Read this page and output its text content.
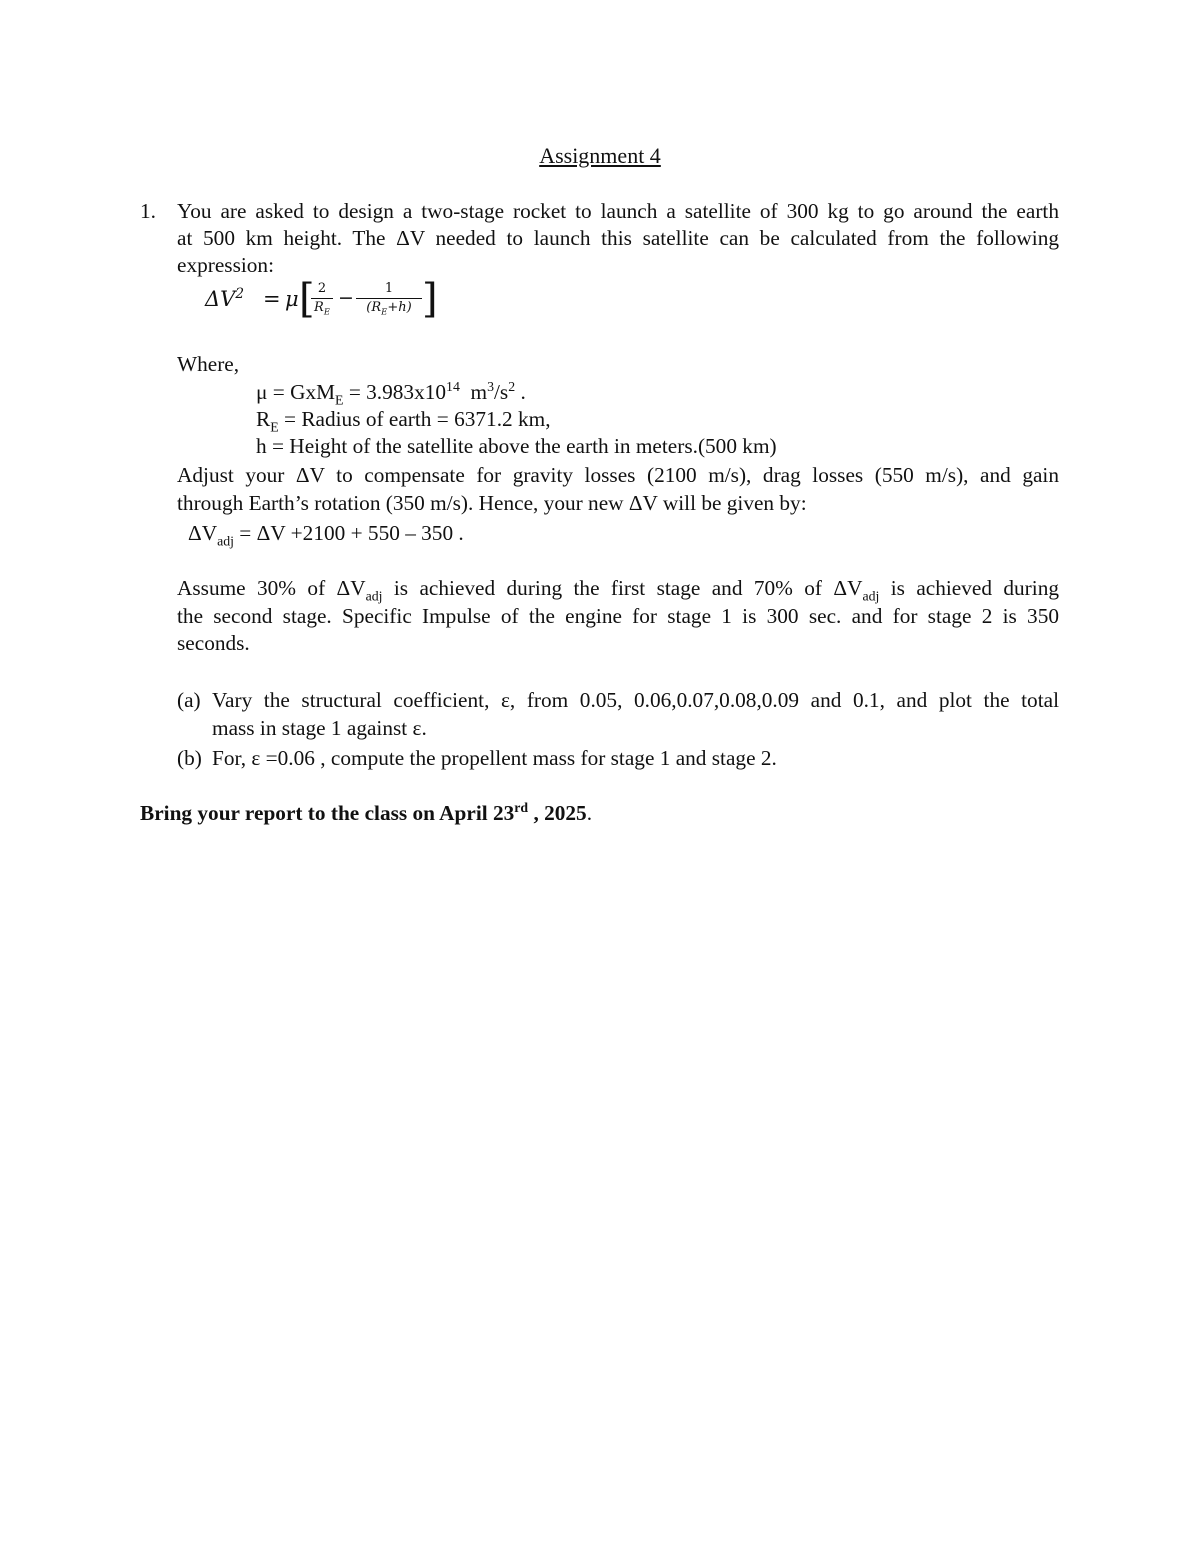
Assignment 4
1. You are asked to design a two-stage rocket to launch a satellite of 300 kg to go around the earth
at 500 km height. The ΔV needed to launch this satellite can be calculated from the following
expression:
$\Delta V^2 = \mu$ [ 2
$R_E$
−	1
$(R_E+h)$ ]
Where,
$\mu = GxM_E = 3.983x10^{14}$  $m^3/s^2$ .
$R_E$ = Radius of earth = 6371.2 km,
h = Height of the satellite above the earth in meters.(500 km)
Adjust your ΔV to compensate for gravity losses (2100 m/s), drag losses (550 m/s), and gain
through Earth’s rotation (350 m/s). Hence, your new ΔV will be given by:
$\Delta V_{adj} = \Delta V +2100 + 550 - 350$ .
Assume 30% of $\Delta V_{adj}$ is achieved during the first stage and 70% of $\Delta V_{adj}$ is achieved during
the second stage. Specific Impulse of the engine for stage 1 is 300 sec. and for stage 2 is 350
seconds.
(a) Vary the structural coefficient, ε, from 0.05, 0.06,0.07,0.08,0.09 and 0.1, and plot the total
mass in stage 1 against ε.
(b) For, ε =0.06 , compute the propellent mass for stage 1 and stage 2.
Bring your report to the class on April 23rd , 2025.
